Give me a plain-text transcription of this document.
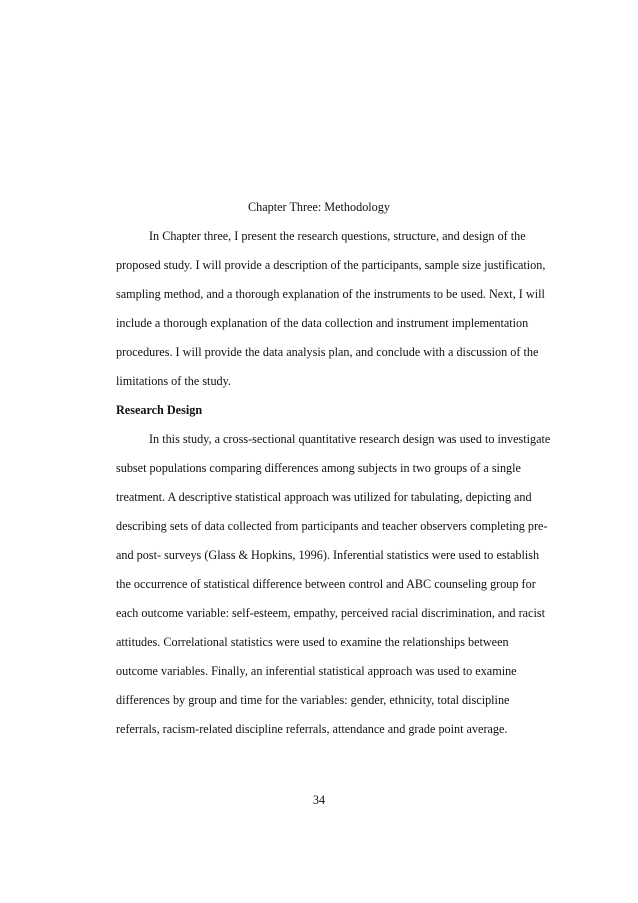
Chapter Three: Methodology
In Chapter three, I present the research questions, structure, and design of the
proposed study. I will provide a description of the participants, sample size justification,
sampling method, and a thorough explanation of the instruments to be used. Next, I will
include a thorough explanation of the data collection and instrument implementation
procedures. I will provide the data analysis plan, and conclude with a discussion of the
limitations of the study.
Research Design
In this study, a cross-sectional quantitative research design was used to investigate
subset populations comparing differences among subjects in two groups of a single
treatment. A descriptive statistical approach was utilized for tabulating, depicting and
describing sets of data collected from participants and teacher observers completing pre-
and post- surveys (Glass & Hopkins, 1996). Inferential statistics were used to establish
the occurrence of statistical difference between control and ABC counseling group for
each outcome variable: self-esteem, empathy, perceived racial discrimination, and racist
attitudes. Correlational statistics were used to examine the relationships between
outcome variables. Finally, an inferential statistical approach was used to examine
differences by group and time for the variables: gender, ethnicity, total discipline
referrals, racism-related discipline referrals, attendance and grade point average.
34
